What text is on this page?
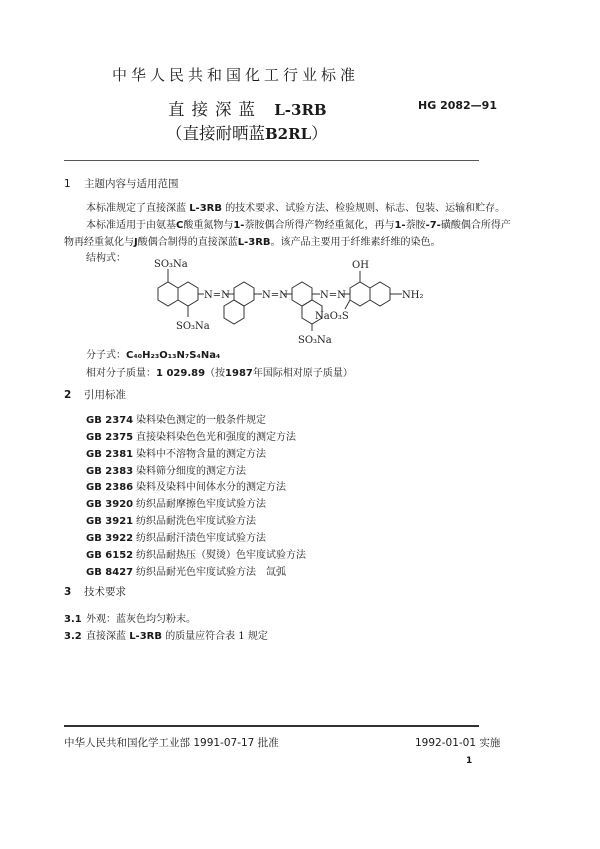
中华人民共和国化工行业标准
直接深蓝 L-3RB
（直接耐晒蓝B2RL）
HG 2082—91
1 主题内容与适用范围
本标准规定了直接深蓝 L-3RB 的技术要求、试验方法、检验规则、标志、包装、运输和贮存。
本标准适用于由氨基C酸重氮物与1-萘胺偶合所得产物经重氮化，再与1-萘胺-7-磺酸偶合所得产
物再经重氮化与J酸偶合制得的直接深蓝L-3RB。该产品主要用于纤维素纤维的染色。
结构式：
SO₃Na
SO₃Na
N=N	N=N
SO₃Na
N=N
OH
NH₂
NaO₃S
分子式：C₄₀H₂₃O₁₃N₇S₄Na₄
相对分子质量：1 029.89（按1987年国际相对原子质量）
2 引用标准
GB 2374 染料染色测定的一般条件规定
GB 2375 直接染料染色色光和强度的测定方法
GB 2381 染料中不溶物含量的测定方法
GB 2383 染料筛分细度的测定方法
GB 2386 染料及染料中间体水分的测定方法
GB 3920 纺织品耐摩擦色牢度试验方法
GB 3921 纺织品耐洗色牢度试验方法
GB 3922 纺织品耐汗渍色牢度试验方法
GB 6152 纺织品耐热压（熨烫）色牢度试验方法
GB 8427 纺织品耐光色牢度试验方法　氙弧
3 技术要求
3.1 外观：蓝灰色均匀粉末。
3.2 直接深蓝 L-3RB 的质量应符合表 1 规定
中华人民共和国化学工业部 1991-07-17 批准	1992-01-01 实施
1
